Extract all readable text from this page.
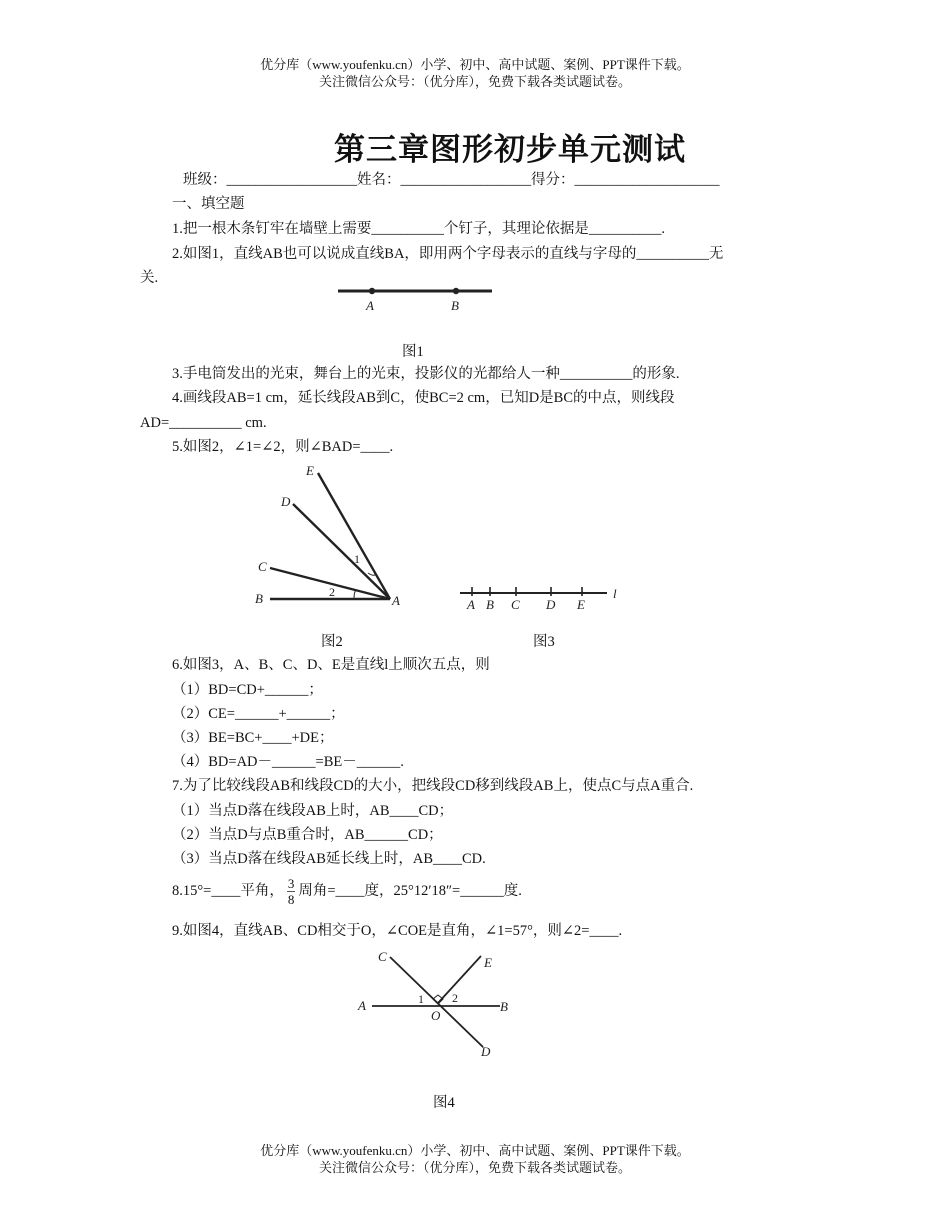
优分库（www.youfenku.cn）小学、初中、高中试题、案例、PPT课件下载。
关注微信公众号：（优分库），免费下载各类试题试卷。
第三章图形初步单元测试
班级：__________________姓名：__________________得分：____________________
一、填空题
1.把一根木条钉牢在墙壁上需要__________个钉子，其理论依据是__________.
2.如图1，直线AB也可以说成直线BA，即用两个字母表示的直线与字母的__________无
关.
A	B
图1
3.手电筒发出的光束，舞台上的光束，投影仪的光都给人一种__________的形象.
4.画线段AB=1 cm，延长线段AB到C，使BC=2 cm，已知D是BC的中点，则线段
AD=__________ cm.
5.如图2，∠1=∠2，则∠BAD=____.
E
D
C
B	A
1
2
图2
A B C D E
l
图3
6.如图3，A、B、C、D、E是直线l上顺次五点，则
（1）BD=CD+______；
（2）CE=______+______；
（3）BE=BC+____+DE；
（4）BD=AD－______=BE－______.
7.为了比较线段AB和线段CD的大小，把线段CD移到线段AB上，使点C与点A重合.
（1）当点D落在线段AB上时，AB____CD；
（2）当点D与点B重合时，AB______CD；
（3）当点D落在线段AB延长线上时，AB____CD.
8.15°=____平角， $\frac{3}{8}$ 周角=____度，25°12′18″=______度.
9.如图4，直线AB、CD相交于O，∠COE是直角，∠1=57°，则∠2=____.
C	E
A	1 2
O
B
D
图4
优分库（www.youfenku.cn）小学、初中、高中试题、案例、PPT课件下载。
关注微信公众号：（优分库），免费下载各类试题试卷。
